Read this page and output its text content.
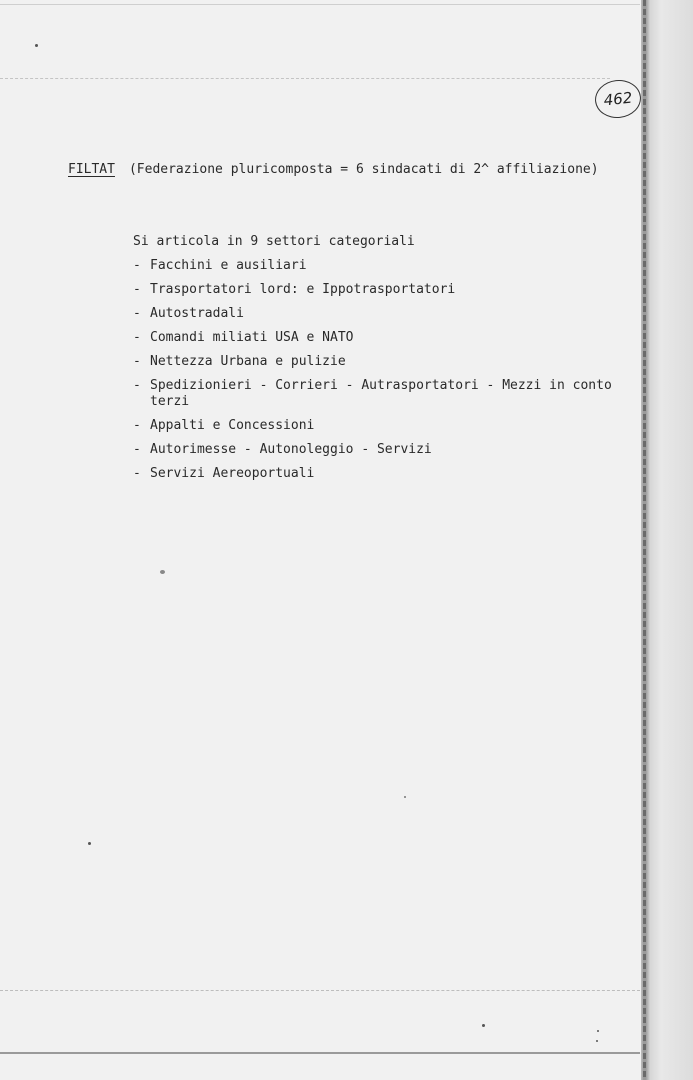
462
FILTAT (Federazione pluricomposta = 6 sindacati di 2^ affiliazione)
Si articola in 9 settori categoriali
- Facchini e ausiliari
- Trasportatori lord: e Ippotrasportatori
- Autostradali
- Comandi miliati USA e NATO
- Nettezza Urbana e pulizie
- Spedizionieri - Corrieri - Autrasportatori - Mezzi in conto terzi
- Appalti e Concessioni
- Autorimesse - Autonoleggio - Servizi
- Servizi Aereoportuali
